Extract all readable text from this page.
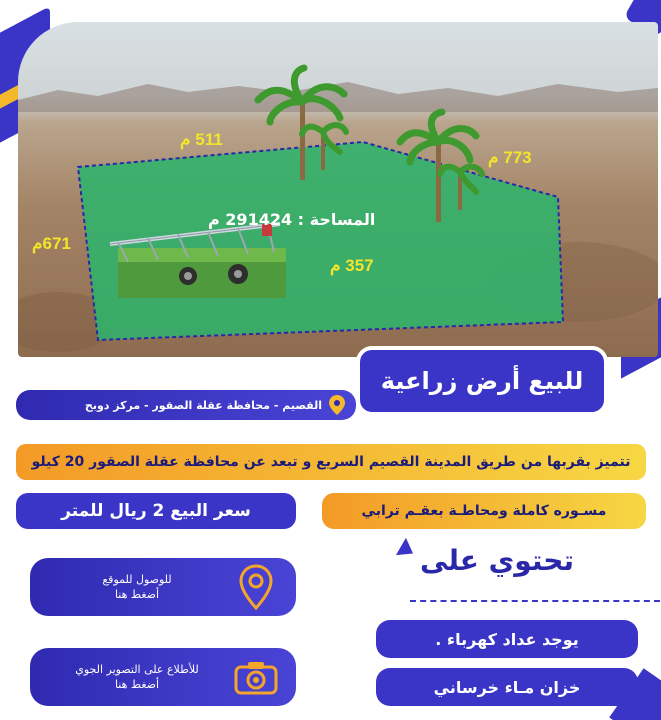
511 م
773 م
671م
357 م
المساحة : 291424 م
للبيع أرض زراعية
القصيم - محافظة عقلة الصقور - مركز دوبح
تتميز بقربها من طريق المدينة القصيم السريع و تبعد عن محافظة عقلة الصقور 20 كيلو
سعر البيع 2 ريال للمتر	مسـوره كاملة ومحاطـة بعقـم ترابي
تحتوي على
يوجد عداد كهرباء .
خزان مـاء خرساني
للوصول للموقع
أضغط هنا
للأطلاع على التصوير الجوي
أضغط هنا
